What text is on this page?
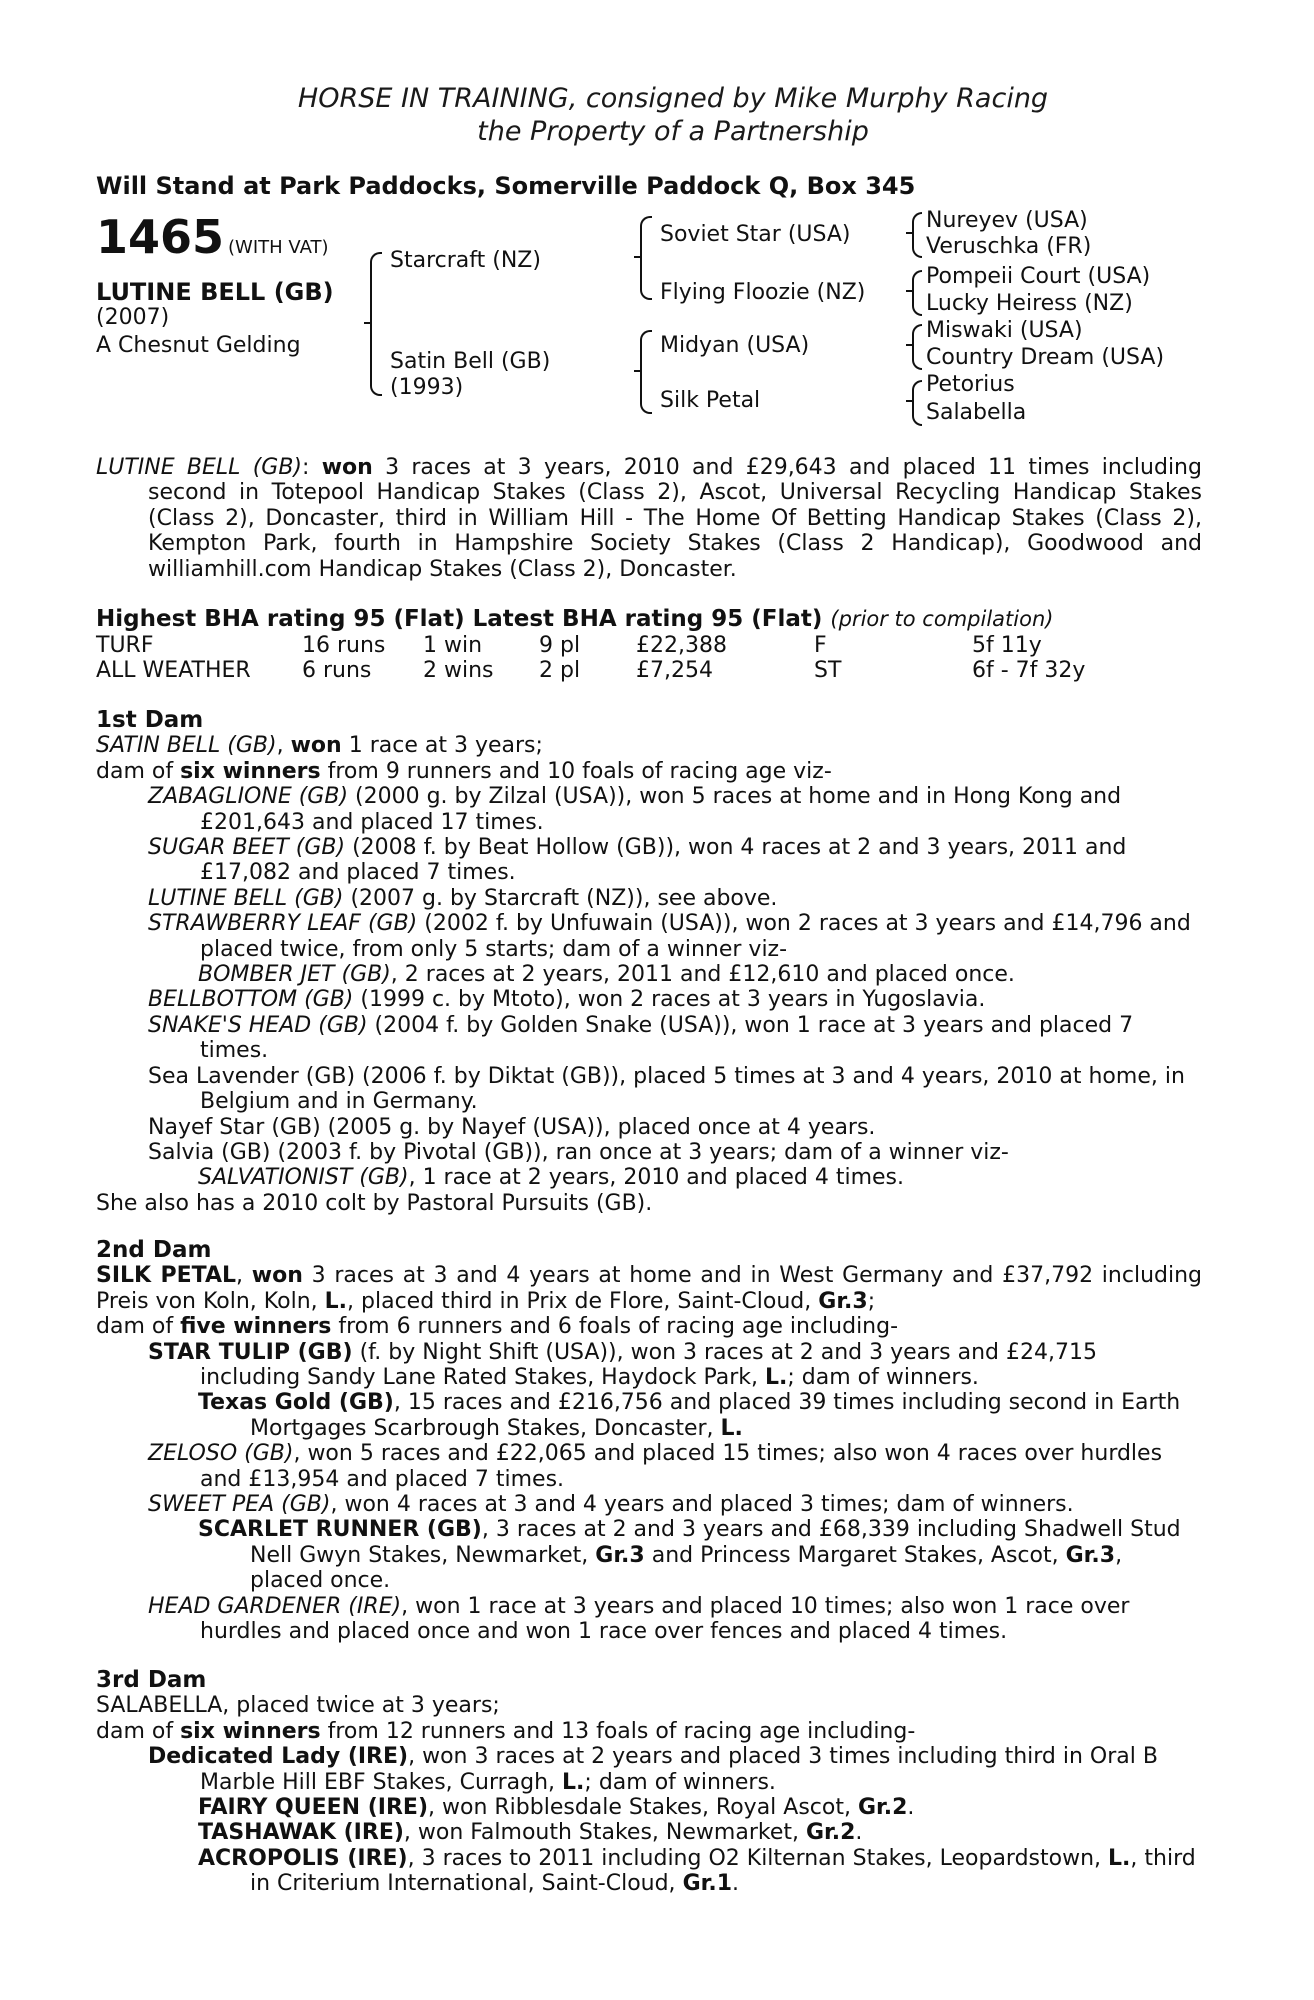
HORSE IN TRAINING, consigned by Mike Murphy Racing
the Property of a Partnership
Will Stand at Park Paddocks, Somerville Paddock Q, Box 345
1465 (WITH VAT)
LUTINE BELL (GB)
(2007)
A Chesnut Gelding
Starcraft (NZ)
Satin Bell (GB)
(1993)
Soviet Star (USA)
Flying Floozie (NZ)
Midyan (USA)
Silk Petal
Nureyev (USA)
Veruschka (FR)
Pompeii Court (USA)
Lucky Heiress (NZ)
Miswaki (USA)
Country Dream (USA)
Petorius
Salabella
LUTINE BELL (GB): won 3 races at 3 years, 2010 and £29,643 and placed 11 times including second in Totepool Handicap Stakes (Class 2), Ascot, Universal Recycling Handicap Stakes (Class 2), Doncaster, third in William Hill - The Home Of Betting Handicap Stakes (Class 2), Kempton Park, fourth in Hampshire Society Stakes (Class 2 Handicap), Goodwood and williamhill.com Handicap Stakes (Class 2), Doncaster.
Highest BHA rating 95 (Flat) Latest BHA rating 95 (Flat) (prior to compilation)
TURF	16 runs 1 win	9 pl	£22,388	F	5f 11y
ALL WEATHER 6 runs 2 wins 2 pl	£7,254	ST	6f - 7f 32y
1st Dam
SATIN BELL (GB), won 1 race at 3 years;
dam of six winners from 9 runners and 10 foals of racing age viz-
ZABAGLIONE (GB) (2000 g. by Zilzal (USA)), won 5 races at home and in Hong Kong and £201,643 and placed 17 times.
SUGAR BEET (GB) (2008 f. by Beat Hollow (GB)), won 4 races at 2 and 3 years, 2011 and £17,082 and placed 7 times.
LUTINE BELL (GB) (2007 g. by Starcraft (NZ)), see above.
STRAWBERRY LEAF (GB) (2002 f. by Unfuwain (USA)), won 2 races at 3 years and £14,796 and placed twice, from only 5 starts; dam of a winner viz-
BOMBER JET (GB), 2 races at 2 years, 2011 and £12,610 and placed once.
BELLBOTTOM (GB) (1999 c. by Mtoto), won 2 races at 3 years in Yugoslavia.
SNAKE'S HEAD (GB) (2004 f. by Golden Snake (USA)), won 1 race at 3 years and placed 7 times.
Sea Lavender (GB) (2006 f. by Diktat (GB)), placed 5 times at 3 and 4 years, 2010 at home, in Belgium and in Germany.
Nayef Star (GB) (2005 g. by Nayef (USA)), placed once at 4 years.
Salvia (GB) (2003 f. by Pivotal (GB)), ran once at 3 years; dam of a winner viz-
SALVATIONIST (GB), 1 race at 2 years, 2010 and placed 4 times.
She also has a 2010 colt by Pastoral Pursuits (GB).
2nd Dam
SILK PETAL, won 3 races at 3 and 4 years at home and in West Germany and £37,792 including Preis von Koln, Koln, L., placed third in Prix de Flore, Saint-Cloud, Gr.3;
dam of five winners from 6 runners and 6 foals of racing age including-
STAR TULIP (GB) (f. by Night Shift (USA)), won 3 races at 2 and 3 years and £24,715 including Sandy Lane Rated Stakes, Haydock Park, L.; dam of winners.
Texas Gold (GB), 15 races and £216,756 and placed 39 times including second in Earth Mortgages Scarbrough Stakes, Doncaster, L.
ZELOSO (GB), won 5 races and £22,065 and placed 15 times; also won 4 races over hurdles and £13,954 and placed 7 times.
SWEET PEA (GB), won 4 races at 3 and 4 years and placed 3 times; dam of winners.
SCARLET RUNNER (GB), 3 races at 2 and 3 years and £68,339 including Shadwell Stud Nell Gwyn Stakes, Newmarket, Gr.3 and Princess Margaret Stakes, Ascot, Gr.3, placed once.
HEAD GARDENER (IRE), won 1 race at 3 years and placed 10 times; also won 1 race over hurdles and placed once and won 1 race over fences and placed 4 times.
3rd Dam
SALABELLA, placed twice at 3 years;
dam of six winners from 12 runners and 13 foals of racing age including-
Dedicated Lady (IRE), won 3 races at 2 years and placed 3 times including third in Oral B Marble Hill EBF Stakes, Curragh, L.; dam of winners.
FAIRY QUEEN (IRE), won Ribblesdale Stakes, Royal Ascot, Gr.2.
TASHAWAK (IRE), won Falmouth Stakes, Newmarket, Gr.2.
ACROPOLIS (IRE), 3 races to 2011 including O2 Kilternan Stakes, Leopardstown, L., third in Criterium International, Saint-Cloud, Gr.1.
